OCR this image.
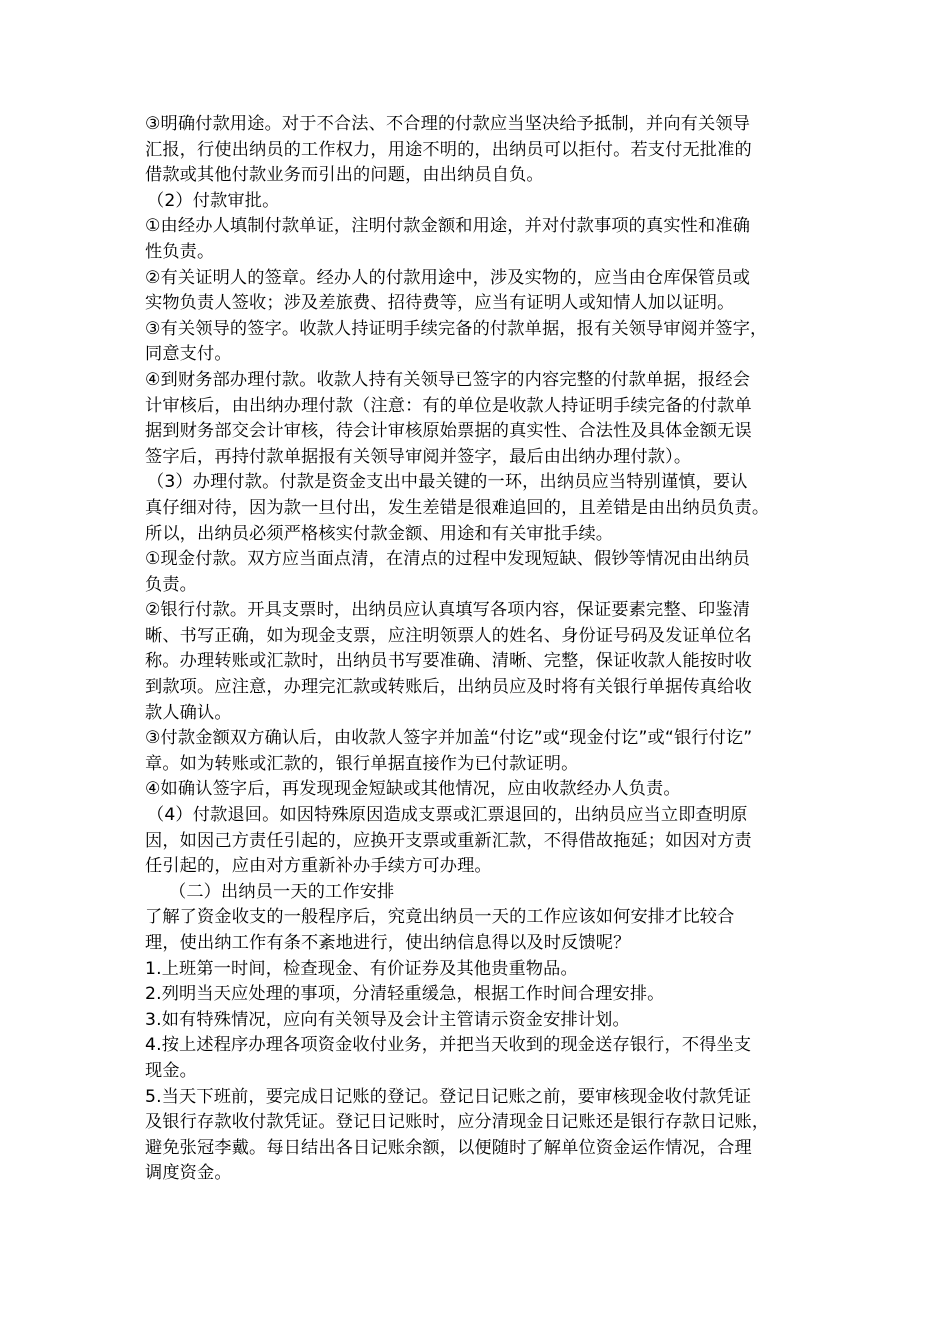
③明确付款用途。对于不合法、不合理的付款应当坚决给予抵制，并向有关领导
汇报，行使出纳员的工作权力，用途不明的，出纳员可以拒付。若支付无批准的
借款或其他付款业务而引出的问题，由出纳员自负。
（2）付款审批。
①由经办人填制付款单证，注明付款金额和用途，并对付款事项的真实性和准确
性负责。
②有关证明人的签章。经办人的付款用途中，涉及实物的，应当由仓库保管员或
实物负责人签收；涉及差旅费、招待费等，应当有证明人或知情人加以证明。
③有关领导的签字。收款人持证明手续完备的付款单据，报有关领导审阅并签字，
同意支付。
④到财务部办理付款。收款人持有关领导已签字的内容完整的付款单据，报经会
计审核后，由出纳办理付款（注意：有的单位是收款人持证明手续完备的付款单
据到财务部交会计审核，待会计审核原始票据的真实性、合法性及具体金额无误
签字后，再持付款单据报有关领导审阅并签字，最后由出纳办理付款）。
（3）办理付款。付款是资金支出中最关键的一环，出纳员应当特别谨慎，要认
真仔细对待，因为款一旦付出，发生差错是很难追回的，且差错是由出纳员负责。
所以，出纳员必须严格核实付款金额、用途和有关审批手续。
①现金付款。双方应当面点清，在清点的过程中发现短缺、假钞等情况由出纳员
负责。
②银行付款。开具支票时，出纳员应认真填写各项内容，保证要素完整、印鉴清
晰、书写正确，如为现金支票，应注明领票人的姓名、身份证号码及发证单位名
称。办理转账或汇款时，出纳员书写要准确、清晰、完整，保证收款人能按时收
到款项。应注意，办理完汇款或转账后，出纳员应及时将有关银行单据传真给收
款人确认。
③付款金额双方确认后，由收款人签字并加盖“付讫”或“现金付讫”或“银行付讫”
章。如为转账或汇款的，银行单据直接作为已付款证明。
④如确认签字后，再发现现金短缺或其他情况，应由收款经办人负责。
（4）付款退回。如因特殊原因造成支票或汇票退回的，出纳员应当立即查明原
因，如因己方责任引起的，应换开支票或重新汇款，不得借故拖延；如因对方责
任引起的，应由对方重新补办手续方可办理。
（二）出纳员一天的工作安排
了解了资金收支的一般程序后，究竟出纳员一天的工作应该如何安排才比较合
理，使出纳工作有条不紊地进行，使出纳信息得以及时反馈呢？
1.上班第一时间，检查现金、有价证券及其他贵重物品。
2.列明当天应处理的事项，分清轻重缓急，根据工作时间合理安排。
3.如有特殊情况，应向有关领导及会计主管请示资金安排计划。
4.按上述程序办理各项资金收付业务，并把当天收到的现金送存银行，不得坐支
现金。
5.当天下班前，要完成日记账的登记。登记日记账之前，要审核现金收付款凭证
及银行存款收付款凭证。登记日记账时，应分清现金日记账还是银行存款日记账，
避免张冠李戴。每日结出各日记账余额，以便随时了解单位资金运作情况，合理
调度资金。
